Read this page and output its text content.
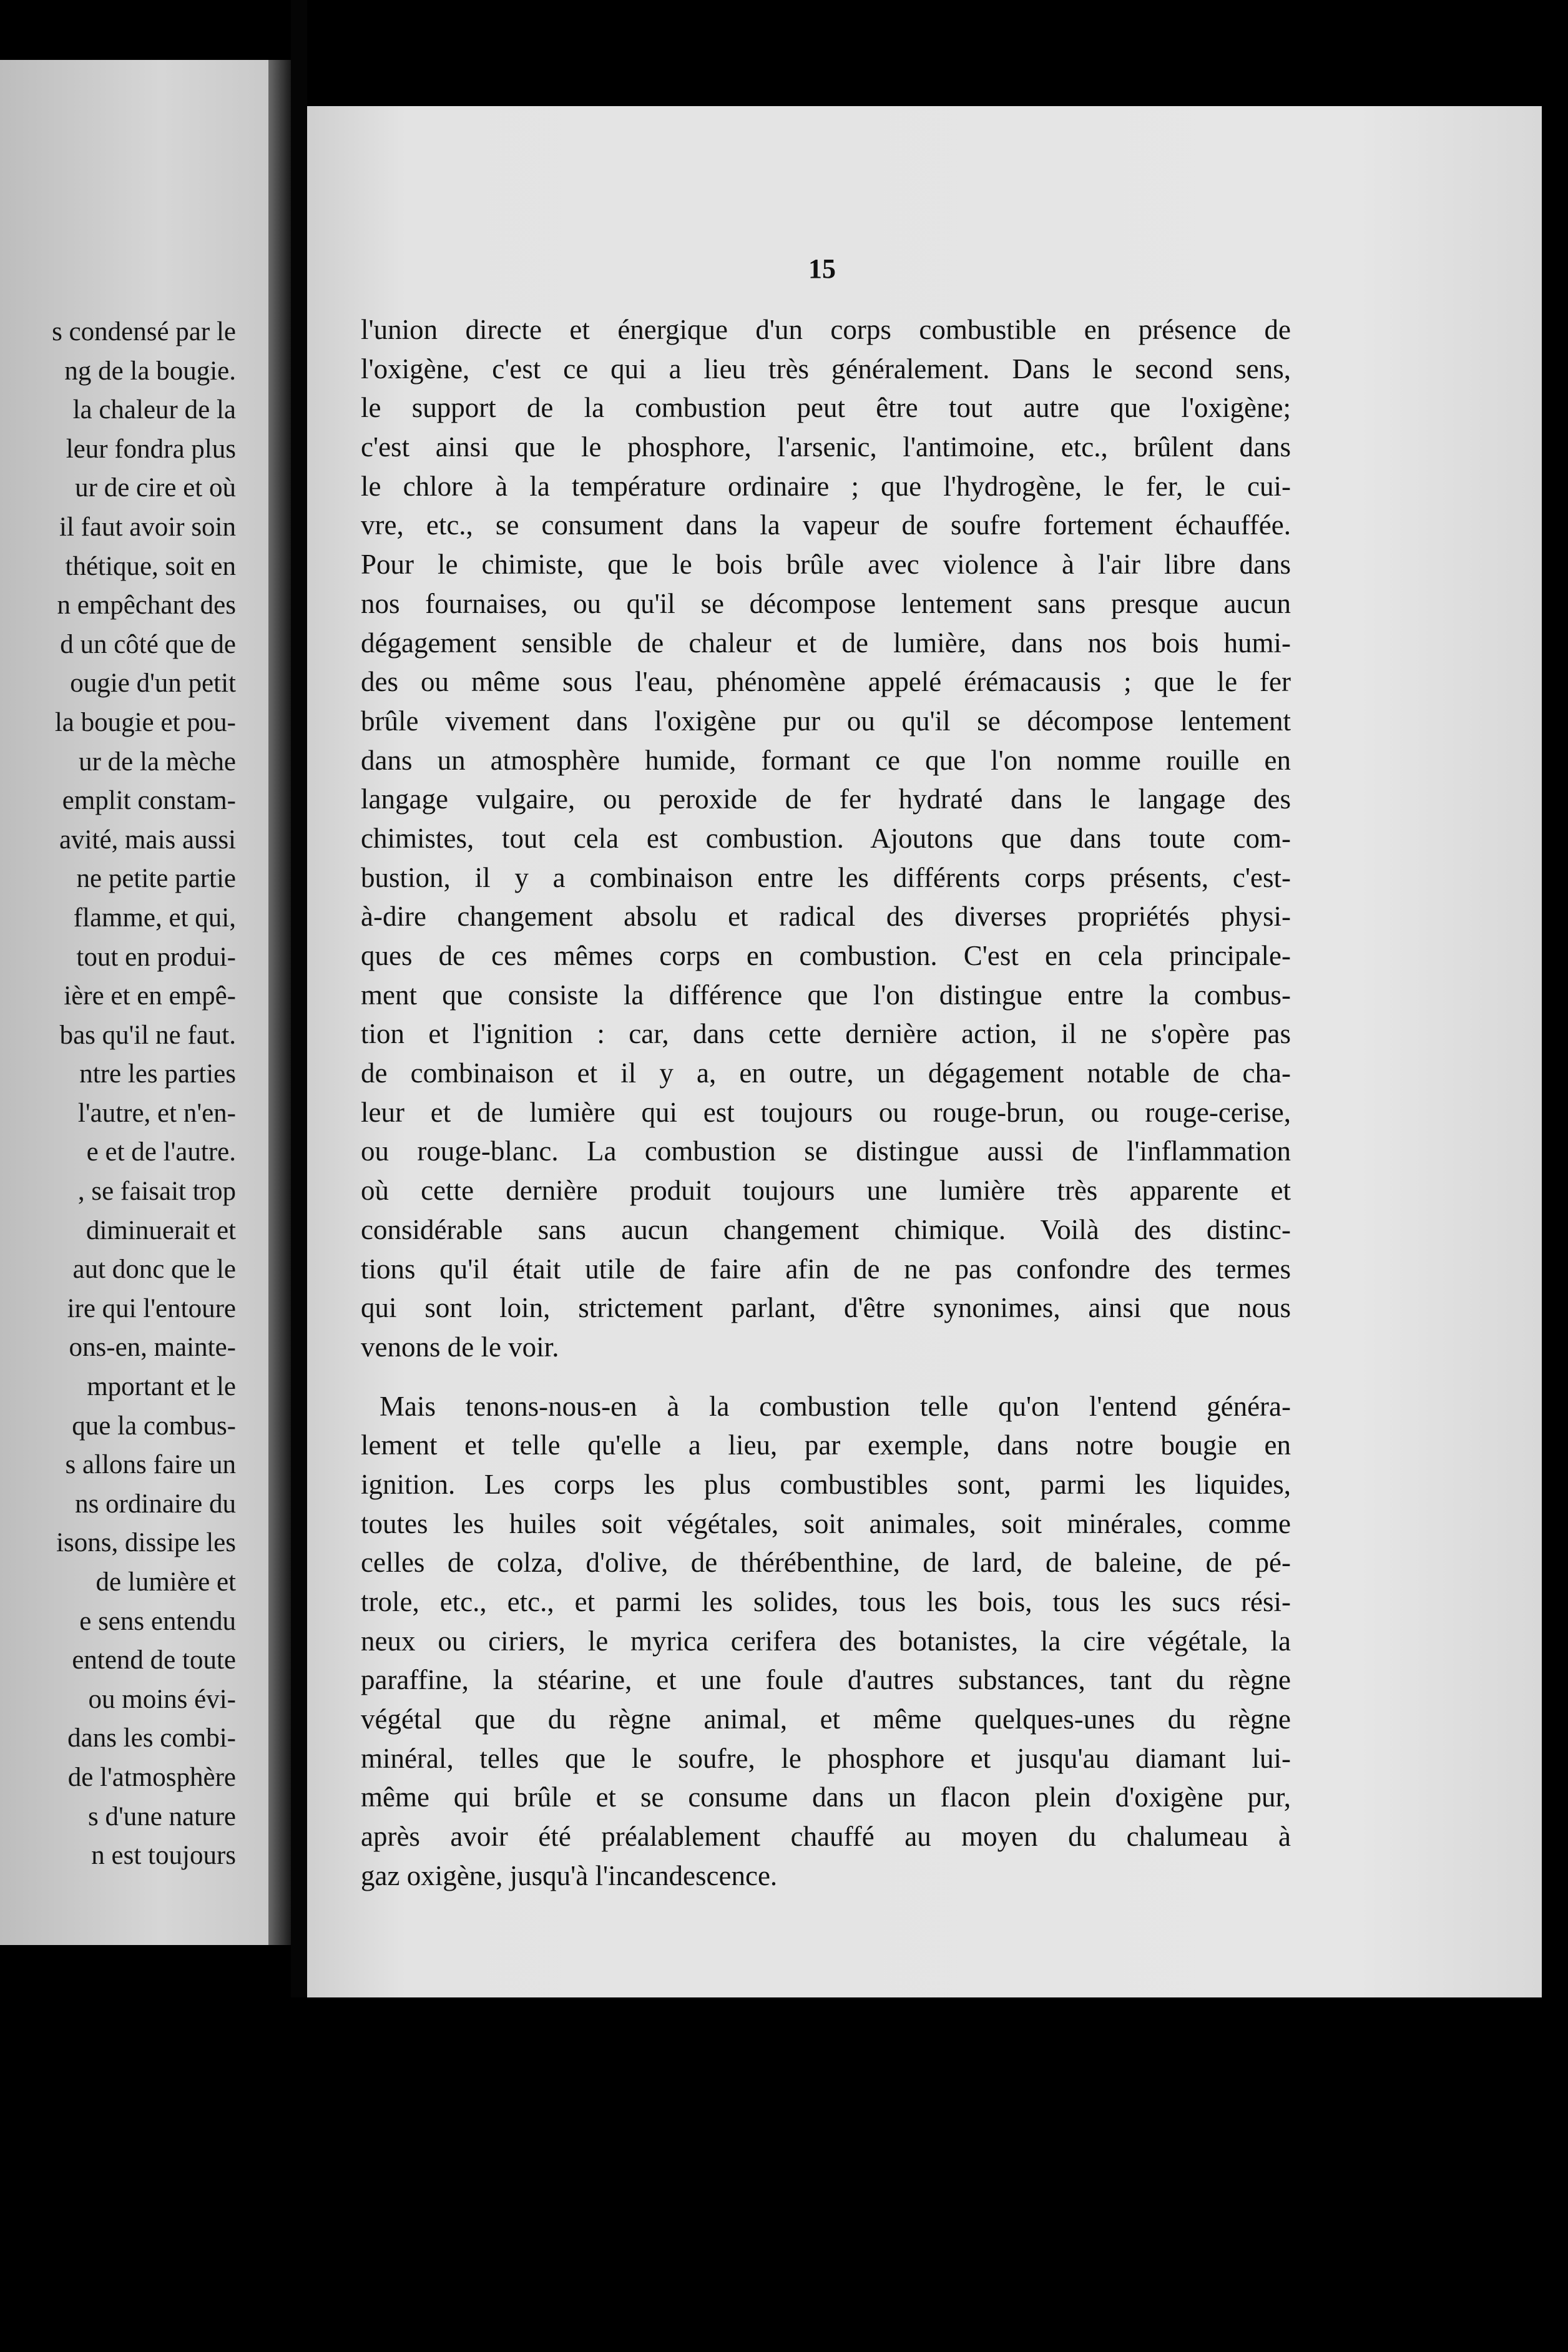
s condensé par le
ng de la bougie.
la chaleur de la
leur fondra plus
ur de cire et où
il faut avoir soin
thétique, soit en
n empêchant des
d un côté que de
ougie d'un petit
la bougie et pou-
ur de la mèche
emplit constam-
avité, mais aussi
ne petite partie
flamme, et qui,
tout en produi-
ière et en empê-
bas qu'il ne faut.
ntre les parties
l'autre, et n'en-
e et de l'autre.
, se faisait trop
diminuerait et
aut donc que le
ire qui l'entoure
ons-en, mainte-
mportant et le
que la combus-
s allons faire un
ns ordinaire du
isons, dissipe les
de lumière et
e sens entendu
entend de toute
ou moins évi-
dans les combi-
de l'atmosphère
s d'une nature
n est toujours
15
l'union directe et énergique d'un corps combustible en présence de
l'oxigène, c'est ce qui a lieu très généralement. Dans le second sens,
le support de la combustion peut être tout autre que l'oxigène;
c'est ainsi que le phosphore, l'arsenic, l'antimoine, etc., brûlent dans
le chlore à la température ordinaire ; que l'hydrogène, le fer, le cui-
vre, etc., se consument dans la vapeur de soufre fortement échauffée.
Pour le chimiste, que le bois brûle avec violence à l'air libre dans
nos fournaises, ou qu'il se décompose lentement sans presque aucun
dégagement sensible de chaleur et de lumière, dans nos bois humi-
des ou même sous l'eau, phénomène appelé érémacausis ; que le fer
brûle vivement dans l'oxigène pur ou qu'il se décompose lentement
dans un atmosphère humide, formant ce que l'on nomme rouille en
langage vulgaire, ou peroxide de fer hydraté dans le langage des
chimistes, tout cela est combustion. Ajoutons que dans toute com-
bustion, il y a combinaison entre les différents corps présents, c'est-
à-dire changement absolu et radical des diverses propriétés physi-
ques de ces mêmes corps en combustion. C'est en cela principale-
ment que consiste la différence que l'on distingue entre la combus-
tion et l'ignition : car, dans cette dernière action, il ne s'opère pas
de combinaison et il y a, en outre, un dégagement notable de cha-
leur et de lumière qui est toujours ou rouge-brun, ou rouge-cerise,
ou rouge-blanc. La combustion se distingue aussi de l'inflammation
où cette dernière produit toujours une lumière très apparente et
considérable sans aucun changement chimique. Voilà des distinc-
tions qu'il était utile de faire afin de ne pas confondre des termes
qui sont loin, strictement parlant, d'être synonimes, ainsi que nous
venons de le voir.
Mais tenons-nous-en à la combustion telle qu'on l'entend généra-
lement et telle qu'elle a lieu, par exemple, dans notre bougie en
ignition. Les corps les plus combustibles sont, parmi les liquides,
toutes les huiles soit végétales, soit animales, soit minérales, comme
celles de colza, d'olive, de thérébenthine, de lard, de baleine, de pé-
trole, etc., etc., et parmi les solides, tous les bois, tous les sucs rési-
neux ou ciriers, le myrica cerifera des botanistes, la cire végétale, la
paraffine, la stéarine, et une foule d'autres substances, tant du règne
végétal que du règne animal, et même quelques-unes du règne
minéral, telles que le soufre, le phosphore et jusqu'au diamant lui-
même qui brûle et se consume dans un flacon plein d'oxigène pur,
après avoir été préalablement chauffé au moyen du chalumeau à
gaz oxigène, jusqu'à l'incandescence.
